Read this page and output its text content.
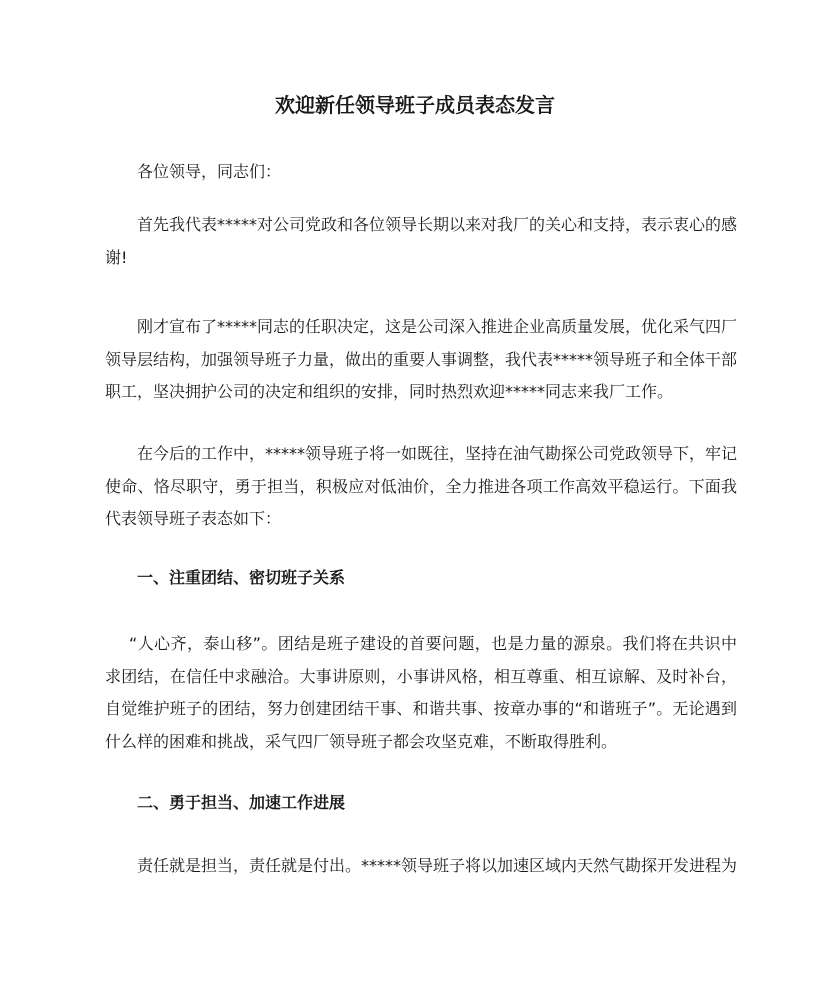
欢迎新任领导班子成员表态发言
各位领导，同志们：
首先我代表*****对公司党政和各位领导长期以来对我厂的关心和支持，表示衷心的感
谢!
刚才宣布了*****同志的任职决定，这是公司深入推进企业高质量发展，优化采气四厂
领导层结构，加强领导班子力量，做出的重要人事调整，我代表*****领导班子和全体干部
职工，坚决拥护公司的决定和组织的安排，同时热烈欢迎*****同志来我厂工作。
在今后的工作中，*****领导班子将一如既往，坚持在油气勘探公司党政领导下，牢记
使命、恪尽职守，勇于担当，积极应对低油价，全力推进各项工作高效平稳运行。下面我
代表领导班子表态如下：
一、注重团结、密切班子关系
“人心齐，泰山移”。团结是班子建设的首要问题，也是力量的源泉。我们将在共识中
求团结，在信任中求融洽。大事讲原则，小事讲风格，相互尊重、相互谅解、及时补台，
自觉维护班子的团结，努力创建团结干事、和谐共事、按章办事的“和谐班子”。无论遇到
什么样的困难和挑战，采气四厂领导班子都会攻坚克难，不断取得胜利。
二、勇于担当、加速工作进展
责任就是担当，责任就是付出。*****领导班子将以加速区域内天然气勘探开发进程为
